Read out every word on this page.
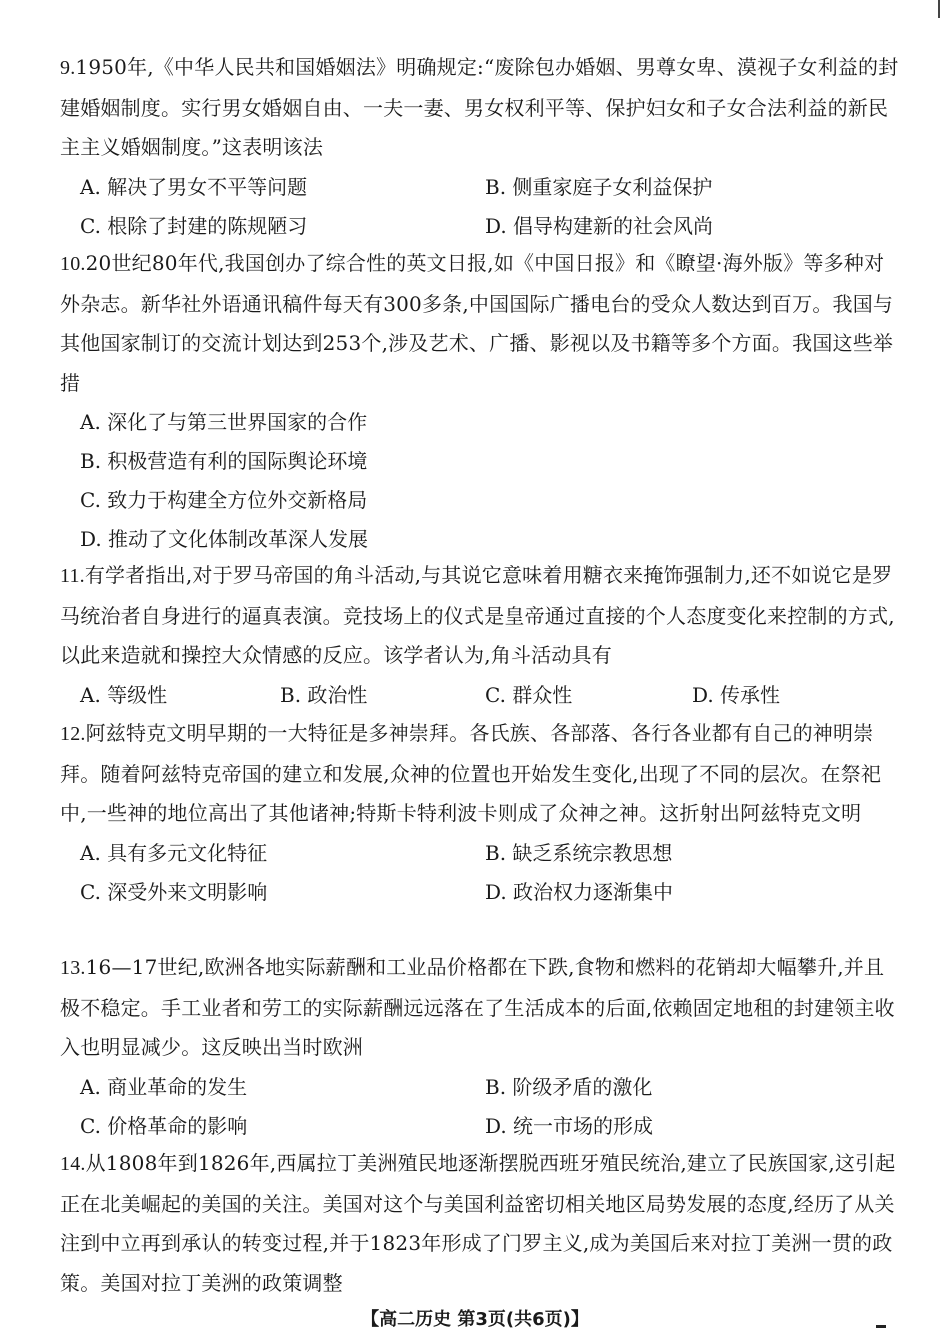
9.1950年,《中华人民共和国婚姻法》明确规定:“废除包办婚姻、男尊女卑、漠视子女利益的封建婚姻制度。实行男女婚姻自由、一夫一妻、男女权利平等、保护妇女和子女合法利益的新民主主义婚姻制度。”这表明该法
A. 解决了男女不平等问题	B. 侧重家庭子女利益保护
C. 根除了封建的陈规陋习	D. 倡导构建新的社会风尚
10.20世纪80年代,我国创办了综合性的英文日报,如《中国日报》和《瞭望·海外版》等多种对外杂志。新华社外语通讯稿件每天有300多条,中国国际广播电台的受众人数达到百万。我国与其他国家制订的交流计划达到253个,涉及艺术、广播、影视以及书籍等多个方面。我国这些举措
A. 深化了与第三世界国家的合作
B. 积极营造有利的国际舆论环境
C. 致力于构建全方位外交新格局
D. 推动了文化体制改革深人发展
11.有学者指出,对于罗马帝国的角斗活动,与其说它意味着用糖衣来掩饰强制力,还不如说它是罗马统治者自身进行的逼真表演。竞技场上的仪式是皇帝通过直接的个人态度变化来控制的方式,以此来造就和操控大众情感的反应。该学者认为,角斗活动具有
A. 等级性	B. 政治性	C. 群众性	D. 传承性
12.阿兹特克文明早期的一大特征是多神崇拜。各氏族、各部落、各行各业都有自己的神明崇拜。随着阿兹特克帝国的建立和发展,众神的位置也开始发生变化,出现了不同的层次。在祭祀中,一些神的地位高出了其他诸神;特斯卡特利波卡则成了众神之神。这折射出阿兹特克文明
A. 具有多元文化特征	B. 缺乏系统宗教思想
C. 深受外来文明影响	D. 政治权力逐渐集中
13.16—17世纪,欧洲各地实际薪酬和工业品价格都在下跌,食物和燃料的花销却大幅攀升,并且极不稳定。手工业者和劳工的实际薪酬远远落在了生活成本的后面,依赖固定地租的封建领主收入也明显减少。这反映出当时欧洲
A. 商业革命的发生	B. 阶级矛盾的激化
C. 价格革命的影响	D. 统一市场的形成
14.从1808年到1826年,西属拉丁美洲殖民地逐渐摆脱西班牙殖民统治,建立了民族国家,这引起正在北美崛起的美国的关注。美国对这个与美国利益密切相关地区局势发展的态度,经历了从关注到中立再到承认的转变过程,并于1823年形成了门罗主义,成为美国后来对拉丁美洲一贯的政策。美国对拉丁美洲的政策调整
【高二历史 第3页(共6页)】
